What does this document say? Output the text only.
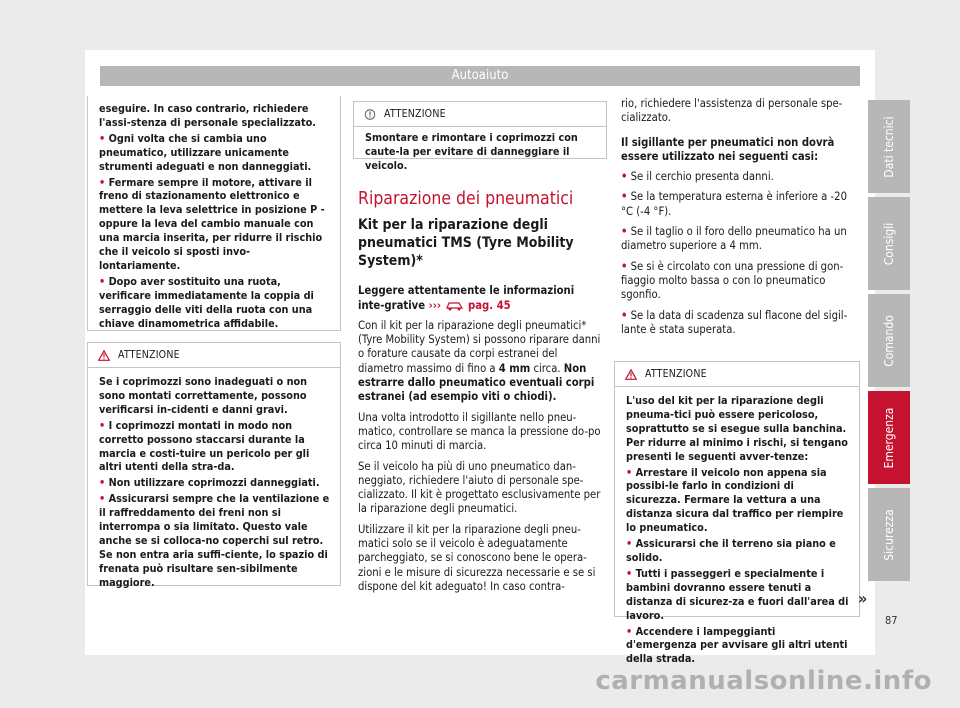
Autoaiuto

eseguire. In caso contrario, richiedere l'assi-stenza di personale specializzato.

• Ogni volta che si cambia uno pneumatico, utilizzare unicamente strumenti adeguati e non danneggiati.

• Fermare sempre il motore, attivare il freno di stazionamento elettronico e mettere la leva selettrice in posizione P -oppure la leva del cambio manuale con una marcia inserita, per ridurre il rischio che il veicolo si sposti invo-lontariamente.

• Dopo aver sostituito una ruota, verificare immediatamente la coppia di serraggio delle viti della ruota con una chiave dinamometrica affidabile.

ATTENZIONE

Se i coprimozzi sono inadeguati o non sono montati correttamente, possono verificarsi in-cidenti e danni gravi.

• I coprimozzi montati in modo non corretto possono staccarsi durante la marcia e costi-tuire un pericolo per gli altri utenti della stra-da.

• Non utilizzare coprimozzi danneggiati.

• Assicurarsi sempre che la ventilazione e il raffreddamento dei freni non si interrompa o sia limitato. Questo vale anche se si colloca-no coperchi sul retro. Se non entra aria suffi-ciente, lo spazio di frenata può risultare sen-sibilmente maggiore.

ATTENZIONE

Smontare e rimontare i coprimozzi con caute-la per evitare di danneggiare il veicolo.

Riparazione dei pneumatici
Kit per la riparazione degli pneumatici TMS (Tyre Mobility System)*

Leggere attentamente le informazioni inte-grative ››› pag. 45

Con il kit per la riparazione degli pneumatici* (Tyre Mobility System) si possono riparare danni o forature causate da corpi estranei del diametro massimo di fino a 4 mm circa. Non estrarre dallo pneumatico eventuali corpi estranei (ad esempio viti o chiodi).

Una volta introdotto il sigillante nello pneu-matico, controllare se manca la pressione do-po circa 10 minuti di marcia.

Se il veicolo ha più di uno pneumatico dan-neggiato, richiedere l'aiuto di personale spe-cializzato. Il kit è progettato esclusivamente per la riparazione degli pneumatici.

Utilizzare il kit per la riparazione degli pneu-matici solo se il veicolo è adeguatamente parcheggiato, se si conoscono bene le opera-zioni e le misure di sicurezza necessarie e se si dispone del kit adeguato! In caso contra-

rio, richiedere l'assistenza di personale spe-cializzato.

Il sigillante per pneumatici non dovrà essere utilizzato nei seguenti casi:

• Se il cerchio presenta danni.

• Se la temperatura esterna è inferiore a -20 °C (-4 °F).

• Se il taglio o il foro dello pneumatico ha un diametro superiore a 4 mm.

• Se si è circolato con una pressione di gon-fiaggio molto bassa o con lo pneumatico sgonfio.

• Se la data di scadenza sul flacone del sigil-lante è stata superata.

ATTENZIONE

L'uso del kit per la riparazione degli pneuma-tici può essere pericoloso, soprattutto se si esegue sulla banchina. Per ridurre al minimo i rischi, si tengano presenti le seguenti avver-tenze:

• Arrestare il veicolo non appena sia possibi-le farlo in condizioni di sicurezza. Fermare la vettura a una distanza sicura dal traffico per riempire lo pneumatico.

• Assicurarsi che il terreno sia piano e solido.

• Tutti i passeggeri e specialmente i bambini dovranno essere tenuti a distanza di sicurez-za e fuori dall'area di lavoro.

• Accendere i lampeggianti d'emergenza per avvisare gli altri utenti della strada.

»
Dati tecnici
Consigli
Comando
Emergenza
Sicurezza
87
carmanualsonline.info
